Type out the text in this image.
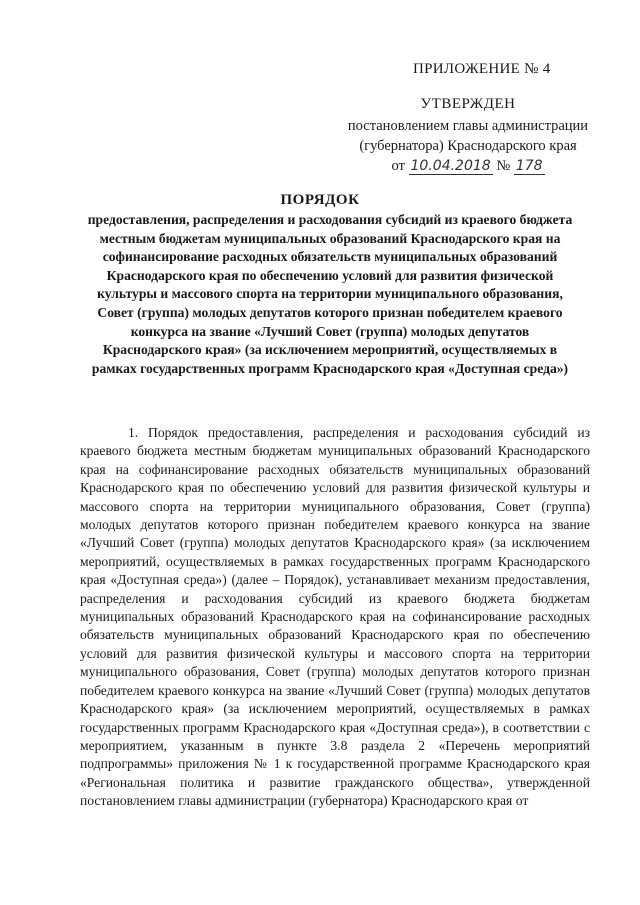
ПРИЛОЖЕНИЕ № 4
УТВЕРЖДЕН
постановлением главы администрации
(губернатора) Краснодарского края
от 10.04.2018 № 178
ПОРЯДОК
предоставления, распределения и расходования субсидий из краевого бюджета местным бюджетам муниципальных образований Краснодарского края на софинансирование расходных обязательств муниципальных образований Краснодарского края по обеспечению условий для развития физической культуры и массового спорта на территории муниципального образования, Совет (группа) молодых депутатов которого признан победителем краевого конкурса на звание «Лучший Совет (группа) молодых депутатов Краснодарского края» (за исключением мероприятий, осуществляемых в рамках государственных программ Краснодарского края «Доступная среда»)
1. Порядок предоставления, распределения и расходования субсидий из краевого бюджета местным бюджетам муниципальных образований Краснодарского края на софинансирование расходных обязательств муниципальных образований Краснодарского края по обеспечению условий для развития физической культуры и массового спорта на территории муниципального образования, Совет (группа) молодых депутатов которого признан победителем краевого конкурса на звание «Лучший Совет (группа) молодых депутатов Краснодарского края» (за исключением мероприятий, осуществляемых в рамках государственных программ Краснодарского края «Доступная среда») (далее – Порядок), устанавливает механизм предоставления, распределения и расходования субсидий из краевого бюджета бюджетам муниципальных образований Краснодарского края на софинансирование расходных обязательств муниципальных образований Краснодарского края по обеспечению условий для развития физической культуры и массового спорта на территории муниципального образования, Совет (группа) молодых депутатов которого признан победителем краевого конкурса на звание «Лучший Совет (группа) молодых депутатов Краснодарского края» (за исключением мероприятий, осуществляемых в рамках государственных программ Краснодарского края «Доступная среда»), в соответствии с мероприятием, указанным в пункте 3.8 раздела 2 «Перечень мероприятий подпрограммы» приложения № 1 к государственной программе Краснодарского края «Региональная политика и развитие гражданского общества», утвержденной постановлением главы администрации (губернатора) Краснодарского края от
